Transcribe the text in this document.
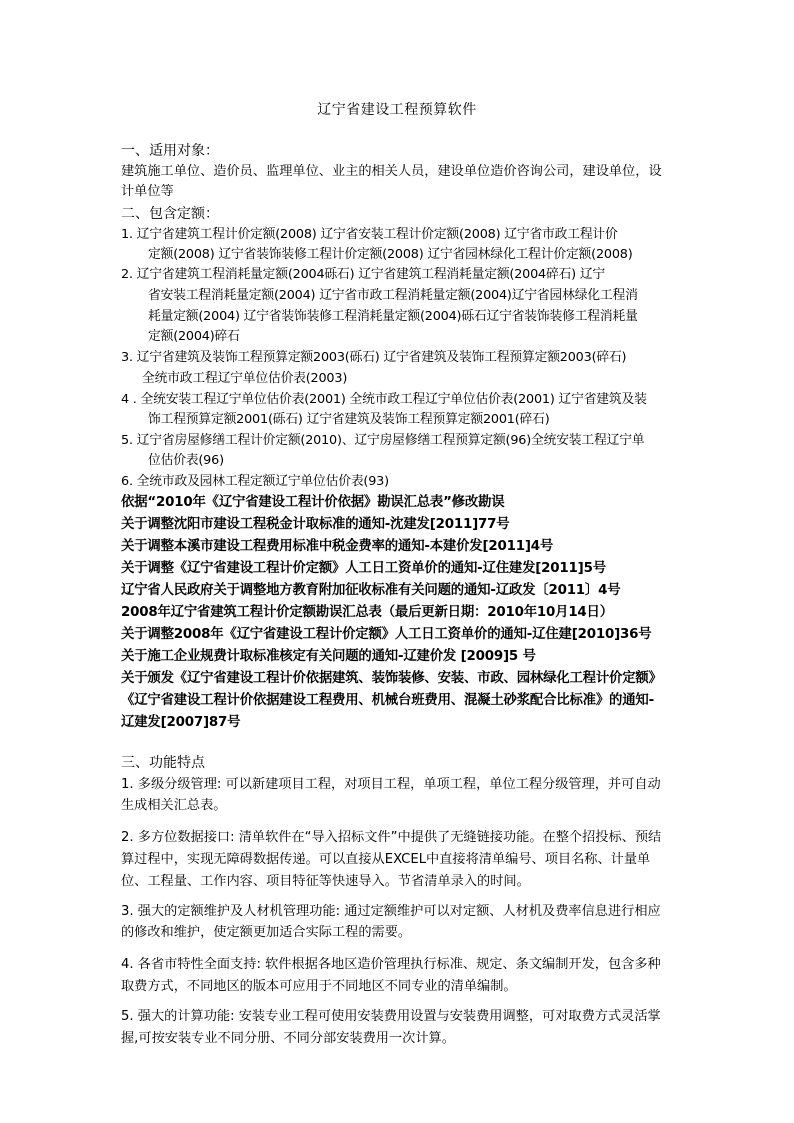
辽宁省建设工程预算软件
一、适用对象：
建筑施工单位、造价员、监理单位、业主的相关人员，建设单位造价咨询公司，建设单位，设
计单位等
二、包含定额：
1. 辽宁省建筑工程计价定额(2008) 辽宁省安装工程计价定额(2008) 辽宁省市政工程计价
定额(2008) 辽宁省装饰装修工程计价定额(2008) 辽宁省园林绿化工程计价定额(2008)
2. 辽宁省建筑工程消耗量定额(2004砾石) 辽宁省建筑工程消耗量定额(2004碎石) 辽宁
省安装工程消耗量定额(2004) 辽宁省市政工程消耗量定额(2004)辽宁省园林绿化工程消
耗量定额(2004) 辽宁省装饰装修工程消耗量定额(2004)砾石辽宁省装饰装修工程消耗量
定额(2004)碎石
3. 辽宁省建筑及装饰工程预算定额2003(砾石) 辽宁省建筑及装饰工程预算定额2003(碎石)
全统市政工程辽宁单位估价表(2003)
4 . 全统安装工程辽宁单位估价表(2001) 全统市政工程辽宁单位估价表(2001) 辽宁省建筑及装
饰工程预算定额2001(砾石) 辽宁省建筑及装饰工程预算定额2001(碎石)
5. 辽宁省房屋修缮工程计价定额(2010)、辽宁房屋修缮工程预算定额(96)全统安装工程辽宁单
位估价表(96)
6. 全统市政及园林工程定额辽宁单位估价表(93)
依据“2010年《辽宁省建设工程计价依据》勘误汇总表”修改勘误
关于调整沈阳市建设工程税金计取标准的通知-沈建发[2011]77号
关于调整本溪市建设工程费用标准中税金费率的通知-本建价发[2011]4号
关于调整《辽宁省建设工程计价定额》人工日工资单价的通知-辽住建发[2011]5号
辽宁省人民政府关于调整地方教育附加征收标准有关问题的通知-辽政发〔2011〕4号
2008年辽宁省建筑工程计价定额勘误汇总表（最后更新日期：2010年10月14日）
关于调整2008年《辽宁省建设工程计价定额》人工日工资单价的通知-辽住建[2010]36号
关于施工企业规费计取标准核定有关问题的通知-辽建价发 [2009]5 号
关于颁发《辽宁省建设工程计价依据建筑、装饰装修、安装、市政、园林绿化工程计价定额》
《辽宁省建设工程计价依据建设工程费用、机械台班费用、混凝土砂浆配合比标准》的通知-
辽建发[2007]87号
三、功能特点
1. 多级分级管理: 可以新建项目工程，对项目工程，单项工程，单位工程分级管理，并可自动
生成相关汇总表。
2. 多方位数据接口: 清单软件在“导入招标文件”中提供了无缝链接功能。在整个招投标、预结
算过程中，实现无障碍数据传递。可以直接从EXCEL中直接将清单编号、项目名称、计量单
位、工程量、工作内容、项目特征等快速导入。节省清单录入的时间。
3. 强大的定额维护及人材机管理功能: 通过定额维护可以对定额、人材机及费率信息进行相应
的修改和维护，使定额更加适合实际工程的需要。
4. 各省市特性全面支持: 软件根据各地区造价管理执行标准、规定、条文编制开发，包含多种
取费方式，不同地区的版本可应用于不同地区不同专业的清单编制。
5. 强大的计算功能: 安装专业工程可使用安装费用设置与安装费用调整，可对取费方式灵活掌
握,可按安装专业不同分册、不同分部安装费用一次计算。
